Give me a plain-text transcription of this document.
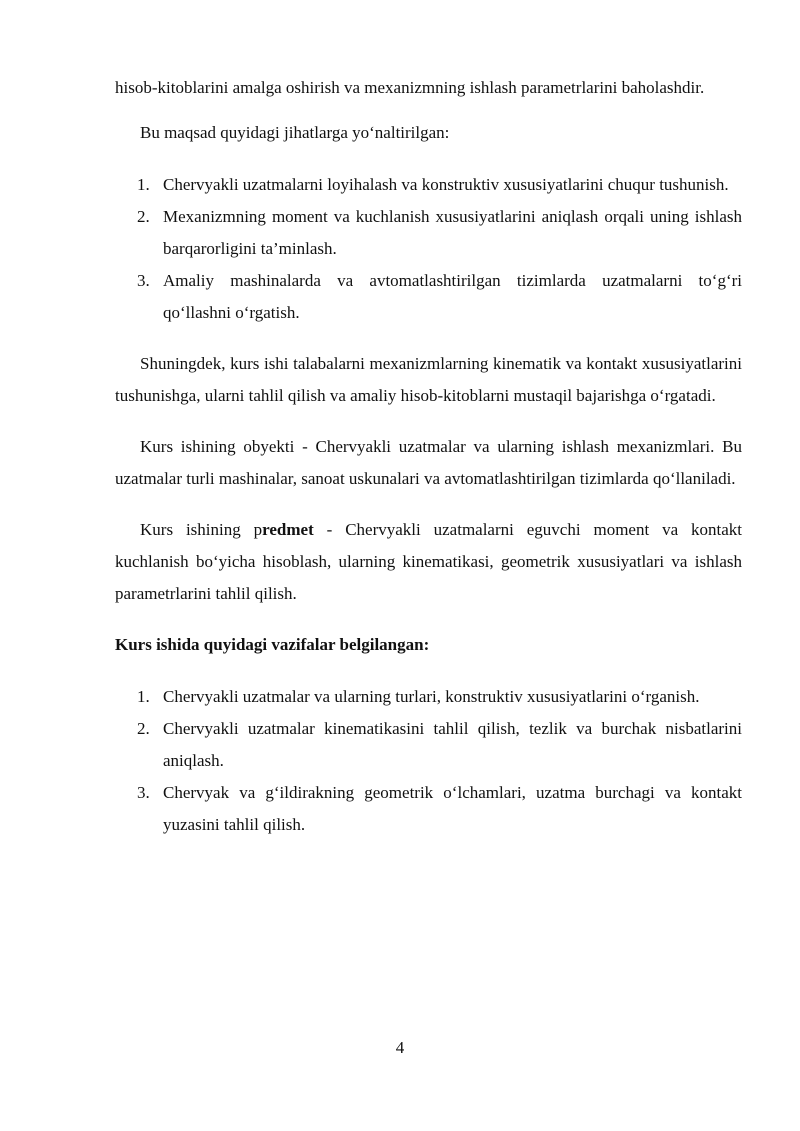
hisob-kitoblarini amalga oshirish va mexanizmning ishlash parametrlarini baholashdir.

Bu maqsad quyidagi jihatlarga yo‘naltirilgan:

1. Chervyakli uzatmalarni loyihalash va konstruktiv xususiyatlarini chuqur tushunish.
2. Mexanizmning moment va kuchlanish xususiyatlarini aniqlash orqali uning ishlash barqarorligini ta’minlash.
3. Amaliy mashinalarda va avtomatlashtirilgan tizimlarda uzatmalarni to‘g‘ri qo‘llashni o‘rgatish.

Shuningdek, kurs ishi talabalarni mexanizmlarning kinematik va kontakt xususiyatlarini tushunishga, ularni tahlil qilish va amaliy hisob-kitoblarni mustaqil bajarishga o‘rgatadi.

Kurs ishining obyekti - Chervyakli uzatmalar va ularning ishlash mexanizmlari. Bu uzatmalar turli mashinalar, sanoat uskunalari va avtomatlashtirilgan tizimlarda qo‘llaniladi.

Kurs ishining predmet - Chervyakli uzatmalarni eguvchi moment va kontakt kuchlanish bo‘yicha hisoblash, ularning kinematikasi, geometrik xususiyatlari va ishlash parametrlarini tahlil qilish.

Kurs ishida quyidagi vazifalar belgilangan:

1. Chervyakli uzatmalar va ularning turlari, konstruktiv xususiyatlarini o‘rganish.
2. Chervyakli uzatmalar kinematikasini tahlil qilish, tezlik va burchak nisbatlarini aniqlash.
3. Chervyak va g‘ildirakning geometrik o‘lchamlari, uzatma burchagi va kontakt yuzasini tahlil qilish.
4
